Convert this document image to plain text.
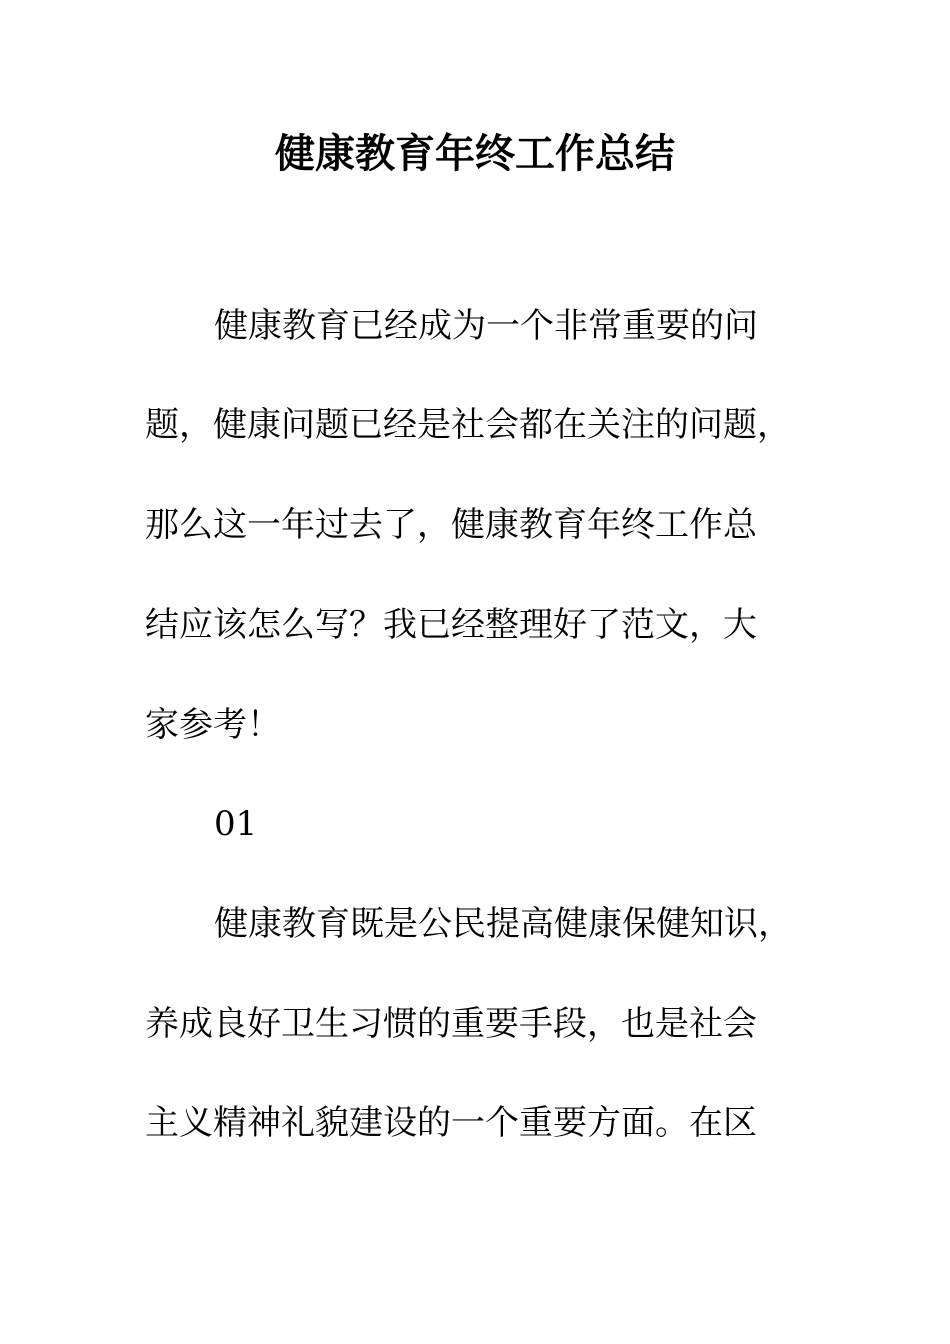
健康教育年终工作总结
健康教育已经成为一个非常重要的问
题，健康问题已经是社会都在关注的问题，
那么这一年过去了，健康教育年终工作总
结应该怎么写？我已经整理好了范文，大
家参考！
01
健康教育既是公民提高健康保健知识，
养成良好卫生习惯的重要手段，也是社会
主义精神礼貌建设的一个重要方面。在区
